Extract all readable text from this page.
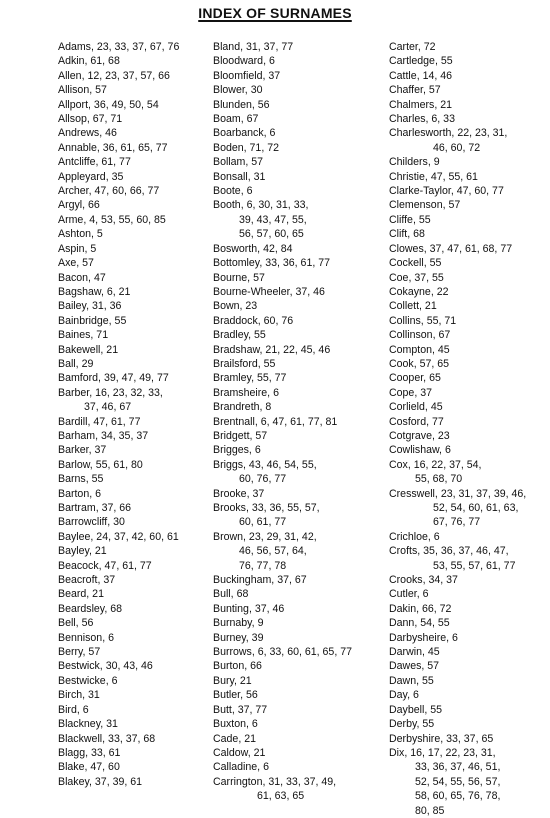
INDEX OF SURNAMES
Adams, 23, 33, 37, 67, 76
Adkin, 61, 68
Allen, 12, 23, 37, 57, 66
Allison, 57
Allport, 36, 49, 50, 54
Allsop, 67, 71
Andrews, 46
Annable, 36, 61, 65, 77
Antcliffe, 61, 77
Appleyard, 35
Archer, 47, 60, 66, 77
Argyl, 66
Arme, 4, 53, 55, 60, 85
Ashton, 5
Aspin, 5
Axe, 57
Bacon, 47
Bagshaw, 6, 21
Bailey, 31, 36
Bainbridge, 55
Baines, 71
Bakewell, 21
Ball, 29
Bamford, 39, 47, 49, 77
Barber, 16, 23, 32, 33,
37, 46, 67
Bardill, 47, 61, 77
Barham, 34, 35, 37
Barker, 37
Barlow, 55, 61, 80
Barns, 55
Barton, 6
Bartram, 37, 66
Barrowcliff, 30
Baylee, 24, 37, 42, 60, 61
Bayley, 21
Beacock, 47, 61, 77
Beacroft, 37
Beard, 21
Beardsley, 68
Bell, 56
Bennison, 6
Berry, 57
Bestwick, 30, 43, 46
Bestwicke, 6
Birch, 31
Bird, 6
Blackney, 31
Blackwell, 33, 37, 68
Blagg, 33, 61
Blake, 47, 60
Blakey, 37, 39, 61
Bland, 31, 37, 77
Bloodward, 6
Bloomfield, 37
Blower, 30
Blunden, 56
Boam, 67
Boarbanck, 6
Boden, 71, 72
Bollam, 57
Bonsall, 31
Boote, 6
Booth, 6, 30, 31, 33,
39, 43, 47, 55,
56, 57, 60, 65
Bosworth, 42, 84
Bottomley, 33, 36, 61, 77
Bourne, 57
Bourne-Wheeler, 37, 46
Bown, 23
Braddock, 60, 76
Bradley, 55
Bradshaw, 21, 22, 45, 46
Brailsford, 55
Bramley, 55, 77
Bramsheire, 6
Brandreth, 8
Brentnall, 6, 47, 61, 77, 81
Bridgett, 57
Brigges, 6
Briggs, 43, 46, 54, 55,
60, 76, 77
Brooke, 37
Brooks, 33, 36, 55, 57,
60, 61, 77
Brown, 23, 29, 31, 42,
46, 56, 57, 64,
76, 77, 78
Buckingham, 37, 67
Bull, 68
Bunting, 37, 46
Burnaby, 9
Burney, 39
Burrows, 6, 33, 60, 61, 65, 77
Burton, 66
Bury, 21
Butler, 56
Butt, 37, 77
Buxton, 6
Cade, 21
Caldow, 21
Calladine, 6
Carrington, 31, 33, 37, 49,
61, 63, 65
Carter, 72
Cartledge, 55
Cattle, 14, 46
Chaffer, 57
Chalmers, 21
Charles, 6, 33
Charlesworth, 22, 23, 31,
46, 60, 72
Childers, 9
Christie, 47, 55, 61
Clarke-Taylor, 47, 60, 77
Clemenson, 57
Cliffe, 55
Clift, 68
Clowes, 37, 47, 61, 68, 77
Cockell, 55
Coe, 37, 55
Cokayne, 22
Collett, 21
Collins, 55, 71
Collinson, 67
Compton, 45
Cook, 57, 65
Cooper, 65
Cope, 37
Corlield, 45
Cosford, 77
Cotgrave, 23
Cowlishaw, 6
Cox, 16, 22, 37, 54,
55, 68, 70
Cresswell, 23, 31, 37, 39, 46,
52, 54, 60, 61, 63,
67, 76, 77
Crichloe, 6
Crofts, 35, 36, 37, 46, 47,
53, 55, 57, 61, 77
Crooks, 34, 37
Cutler, 6
Dakin, 66, 72
Dann, 54, 55
Darbysheire, 6
Darwin, 45
Dawes, 57
Dawn, 55
Day, 6
Daybell, 55
Derby, 55
Derbyshire, 33, 37, 65
Dix, 16, 17, 22, 23, 31,
33, 36, 37, 46, 51,
52, 54, 55, 56, 57,
58, 60, 65, 76, 78,
80, 85
